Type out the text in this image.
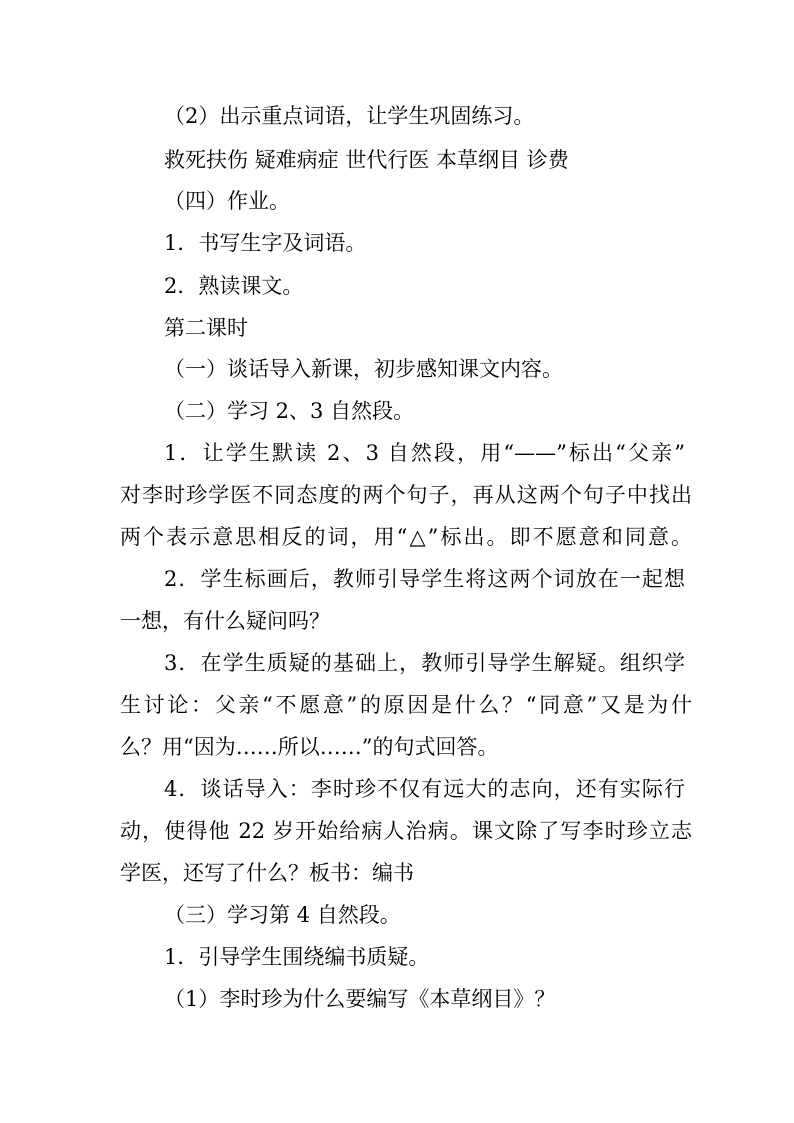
（2）出示重点词语，让学生巩固练习。
救死扶伤 疑难病症 世代行医 本草纲目 诊费
（四）作业。
1．书写生字及词语。
2．熟读课文。
第二课时
（一）谈话导入新课，初步感知课文内容。
（二）学习 2、3 自然段。
1．让学生默读 2、3 自然段，用“——”标出“父亲”
对李时珍学医不同态度的两个句子，再从这两个句子中找出
两个表示意思相反的词，用“△”标出。即不愿意和同意。
2．学生标画后，教师引导学生将这两个词放在一起想
一想，有什么疑问吗？
3．在学生质疑的基础上，教师引导学生解疑。组织学
生讨论：父亲“不愿意”的原因是什么？“同意”又是为什
么？用“因为……所以……”的句式回答。
4．谈话导入：李时珍不仅有远大的志向，还有实际行
动，使得他 22 岁开始给病人治病。课文除了写李时珍立志
学医，还写了什么？板书：编书
（三）学习第 4 自然段。
1．引导学生围绕编书质疑。
（1）李时珍为什么要编写《本草纲目》？
